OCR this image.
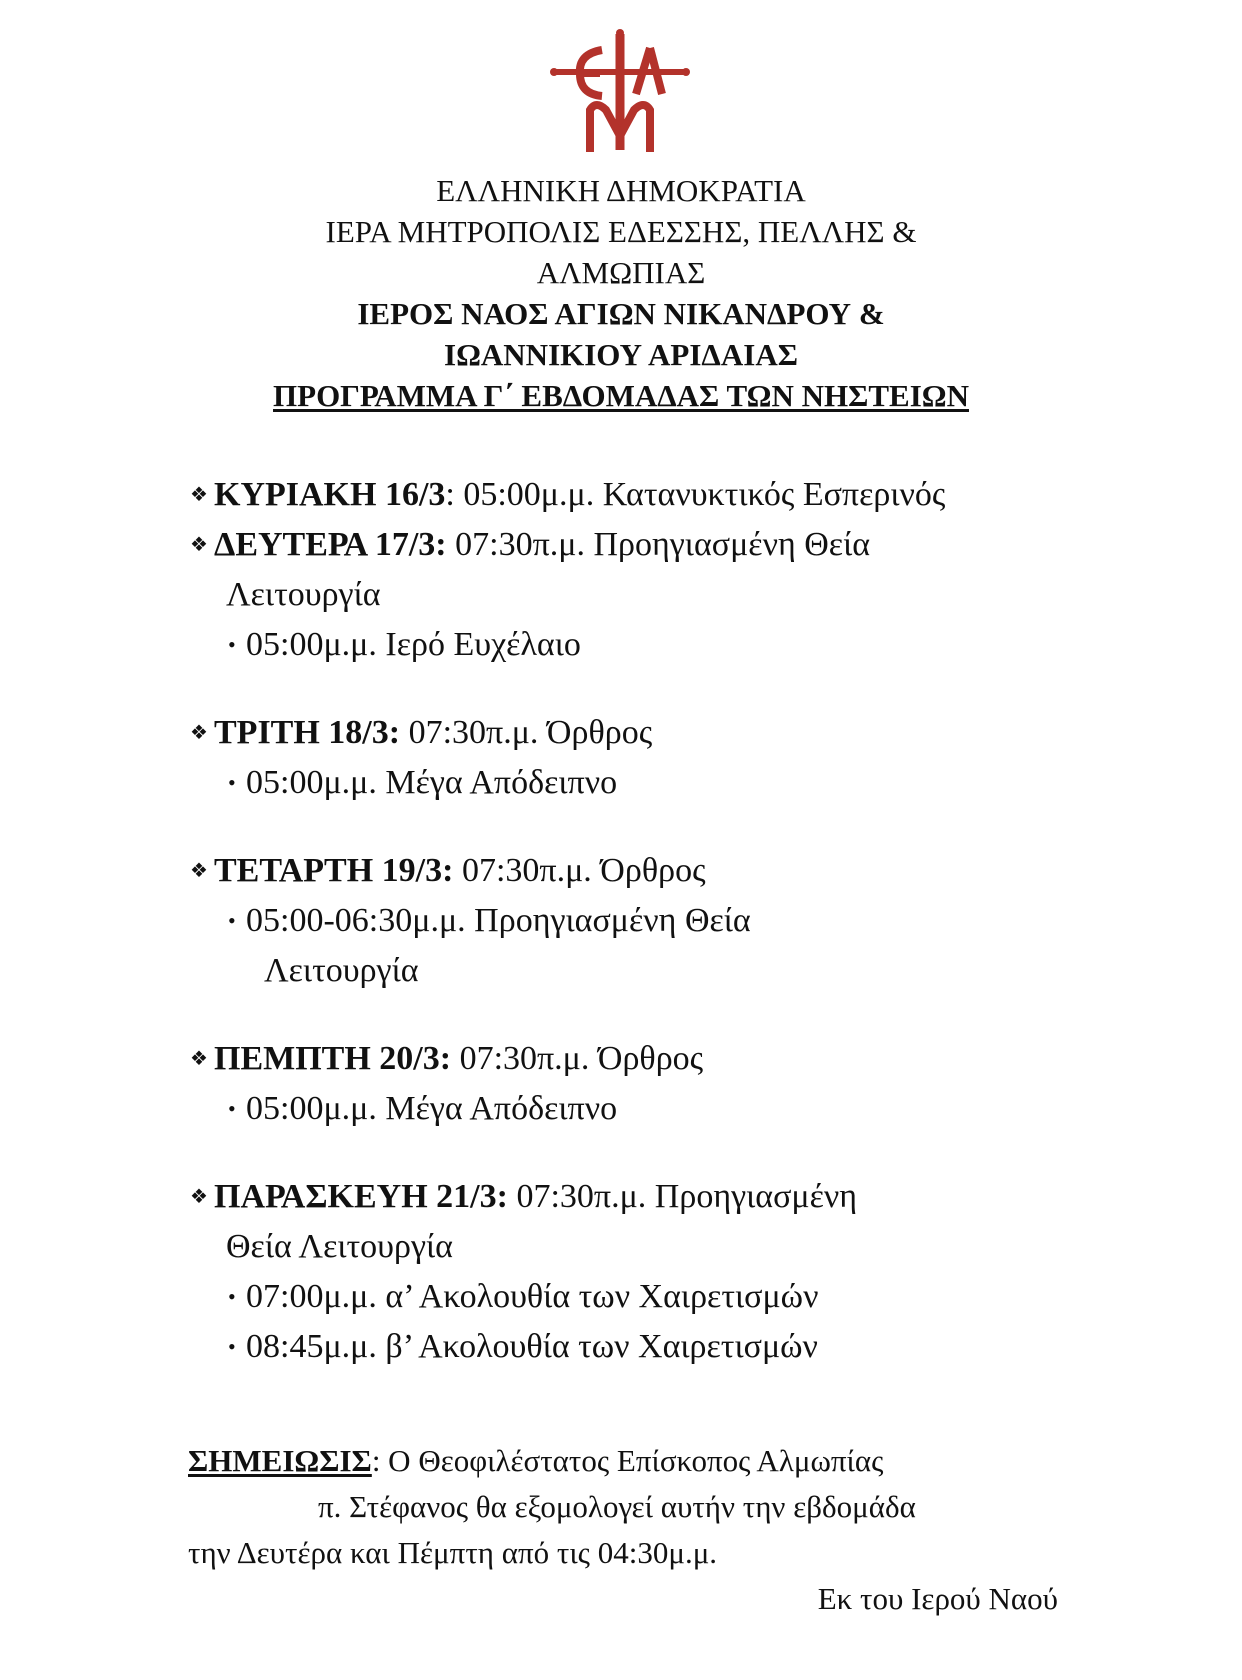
ΕΛΛΗΝΙΚΗ ΔΗΜΟΚΡΑΤΙΑ
ΙΕΡΑ ΜΗΤΡΟΠΟΛΙΣ ΕΔΕΣΣΗΣ, ΠΕΛΛΗΣ &
ΑΛΜΩΠΙΑΣ
ΙΕΡΟΣ ΝΑΟΣ ΑΓΙΩΝ ΝΙΚΑΝΔΡΟΥ &
ΙΩΑΝΝΙΚΙΟΥ ΑΡΙΔΑΙΑΣ
ΠΡΟΓΡΑΜΜΑ Γ΄ ΕΒΔΟΜΑΔΑΣ ΤΩΝ ΝΗΣΤΕΙΩΝ
❖ ΚΥΡΙΑΚΗ 16/3: 05:00μ.μ. Κατανυκτικός Εσπερινός
❖ ΔΕΥΤΕΡΑ 17/3: 07:30π.μ. Προηγιασμένη Θεία
Λειτουργία
• 05:00μ.μ. Ιερό Ευχέλαιο
❖ ΤΡΙΤΗ 18/3: 07:30π.μ. Όρθρος
• 05:00μ.μ. Μέγα Απόδειπνο
❖ ΤΕΤΑΡΤΗ 19/3: 07:30π.μ. Όρθρος
• 05:00-06:30μ.μ. Προηγιασμένη Θεία
Λειτουργία
❖ ΠΕΜΠΤΗ 20/3: 07:30π.μ. Όρθρος
• 05:00μ.μ. Μέγα Απόδειπνο
❖ ΠΑΡΑΣΚΕΥΗ 21/3: 07:30π.μ. Προηγιασμένη
Θεία Λειτουργία
• 07:00μ.μ. α’ Ακολουθία των Χαιρετισμών
• 08:45μ.μ. β’ Ακολουθία των Χαιρετισμών
ΣΗΜΕΙΩΣΙΣ: Ο Θεοφιλέστατος Επίσκοπος Αλμωπίας
π. Στέφανος θα εξομολογεί αυτήν την εβδομάδα
την Δευτέρα και Πέμπτη από τις 04:30μ.μ.
Εκ του Ιερού Ναού
